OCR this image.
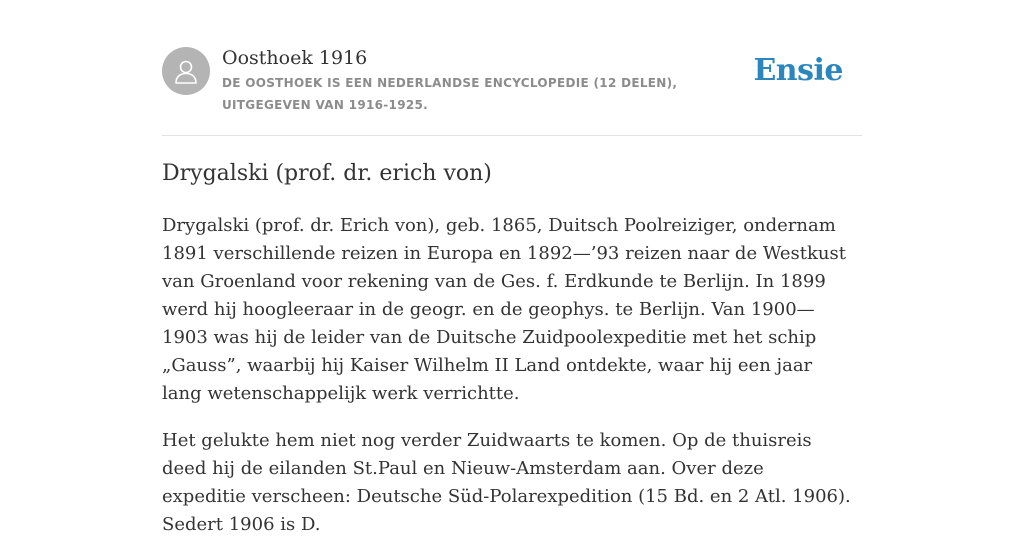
Oosthoek 1916

DE OOSTHOEK IS EEN NEDERLANDSE ENCYCLOPEDIE (12 DELEN), UITGEGEVEN VAN 1916-1925.

Ensie
Drygalski (prof. dr. erich von)

Drygalski (prof. dr. Erich von), geb. 1865, Duitsch Poolreiziger, ondernam 1891 verschillende reizen in Europa en 1892—’93 reizen naar de Westkust van Groenland voor rekening van de Ges. f. Erdkunde te Berlijn. In 1899 werd hij hoogleeraar in de geogr. en de geophys. te Berlijn. Van 1900—1903 was hij de leider van de Duitsche Zuidpoolexpeditie met het schip „Gauss”, waarbij hij Kaiser Wilhelm II Land ontdekte, waar hij een jaar lang wetenschappelijk werk verrichtte.

Het gelukte hem niet nog verder Zuidwaarts te komen. Op de thuisreis deed hij de eilanden St.Paul en Nieuw-Amsterdam aan. Over deze expeditie verscheen: Deutsche Süd-Polarexpedition (15 Bd. en 2 Atl. 1906). Sedert 1906 is D.
